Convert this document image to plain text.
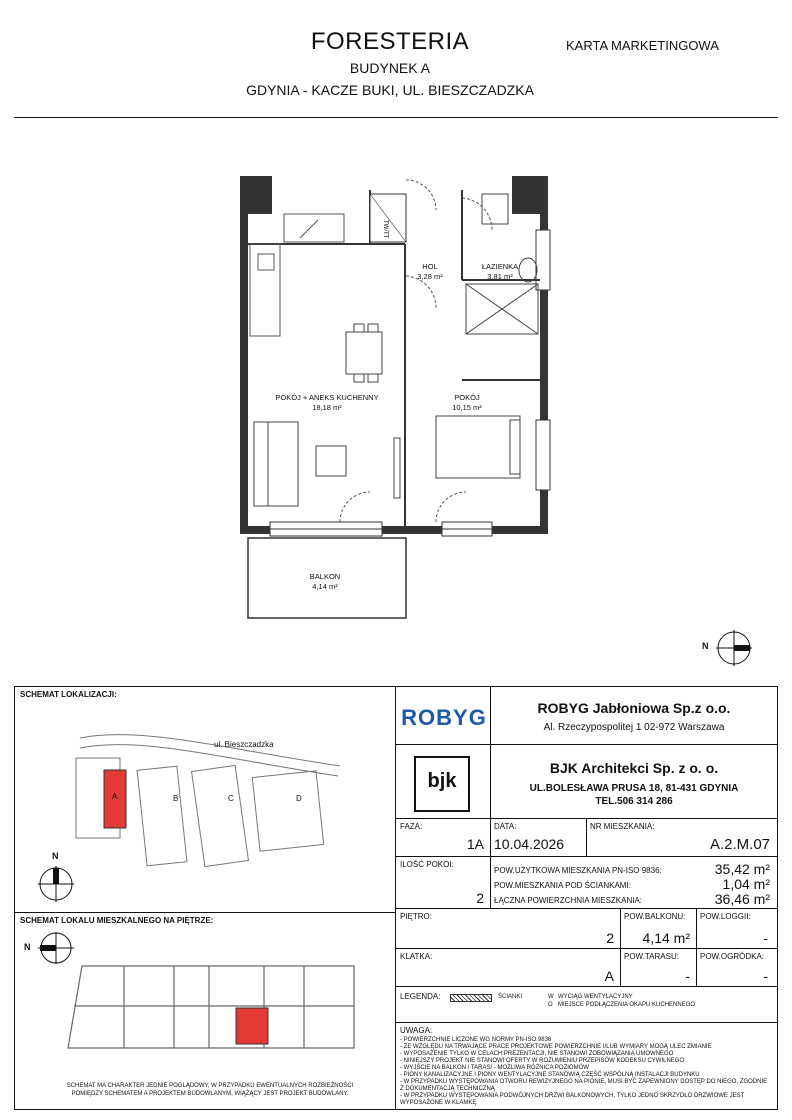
FORESTERIA
BUDYNEK A
GDYNIA - KACZE BUKI, UL. BIESZCZADZKA
KARTA MARKETINGOWA
TW/TT
HOL
3,28 m²
ŁAZIENKA
3,81 m²
POKÓJ + ANEKS KUCHENNY
18,18 m²
POKÓJ
10,15 m²
BALKON
4,14 m²
N
SCHEMAT LOKALIZACJI:
ul. Bieszczadzka
A	B	C	D
N
SCHEMAT LOKALU MIESZKALNEGO NA PIĘTRZE:
N
SCHEMAT MA CHARAKTER JEDNIE POGLĄDOWY, W PRZYPADKU EWENTUALNYCH ROZBIEŻNOŚCI POMIĘDZY SCHEMATEM A PROJEKTEM BUDOWLANYM, WIĄŻĄCY JEST PROJEKT BUDOWLANY.
ROBYG	ROBYG Jabłoniowa Sp.z o.o.
Al. Rzeczypospolitej 1 02-972 Warszawa
bjk
BJK Architekci Sp. z o. o.
UL.BOLESŁAWA PRUSA 18, 81-431 GDYNIA
TEL.506 314 286
FAZA:
1A
DATA:
10.04.2026
NR MIESZKANIA:
A.2.M.07
ILOŚĆ POKOI:
2
POW.UŻYTKOWA MIESZKANIA PN-ISO 9836:	35,42 m²
POW.MIESZKANIA POD ŚCIANKAMI:	1,04 m²
ŁĄCZNA POWIERZCHNIA MIESZKANIA:	36,46 m²
PIĘTRO:
2
POW.BALKONU:
4,14 m²
POW.LOGGII:
-
KLATKA:
A
POW.TARASU:
-
POW.OGRÓDKA:
-
LEGENDA:	ŚCIANKI	W WYCIĄG WENTYLACYJNY
O MIEJSCE PODŁĄCZENIA OKAPU KUCHENNEGO
UWAGA:
- POWIERZCHNIE LICZONE WG NORMY PN-ISO 9836
- ZE WZGLĘDU NA TRWAJĄCE PRACE PROJEKTOWE POWIERZCHNIE I/LUB WYMIARY MOGĄ ULEC ZMIANIE
- WYPOSAŻENIE TYLKO W CELACH PREZENTACJI, NIE STANOWI ZOBOWIĄZANIA UMOWNEGO
- NINIEJSZY PROJEKT NIE STANOWI OFERTY W ROZUMIENIU PRZEPISÓW KODEKSU CYWILNEGO
- WYJŚCIE NA BALKON / TARAS/ - MOŻLIWA RÓŻNICA POZIOMÓW
- PIONY KANALIZACYJNE I PIONY WENTYLACYJNE STANOWIĄ CZĘŚĆ WSPÓLNĄ INSTALACJI BUDYNKU
- W PRZYPADKU WYSTĘPOWANIA OTWORU REWIZYJNEGO NA PIONIE, MUSI BYĆ ZAPEWNIONY DOSTĘP DO NIEGO, ZGODNIE Z DOKUMENTACJĄ TECHNICZNĄ
- W PRZYPADKU WYSTĘPOWANIA PODWÓJNYCH DRZWI BALKONOWYCH, TYLKO JEDNO SKRZYDŁO DRZWIOWE JEST WYPOSAŻONE W KLAMKĘ
